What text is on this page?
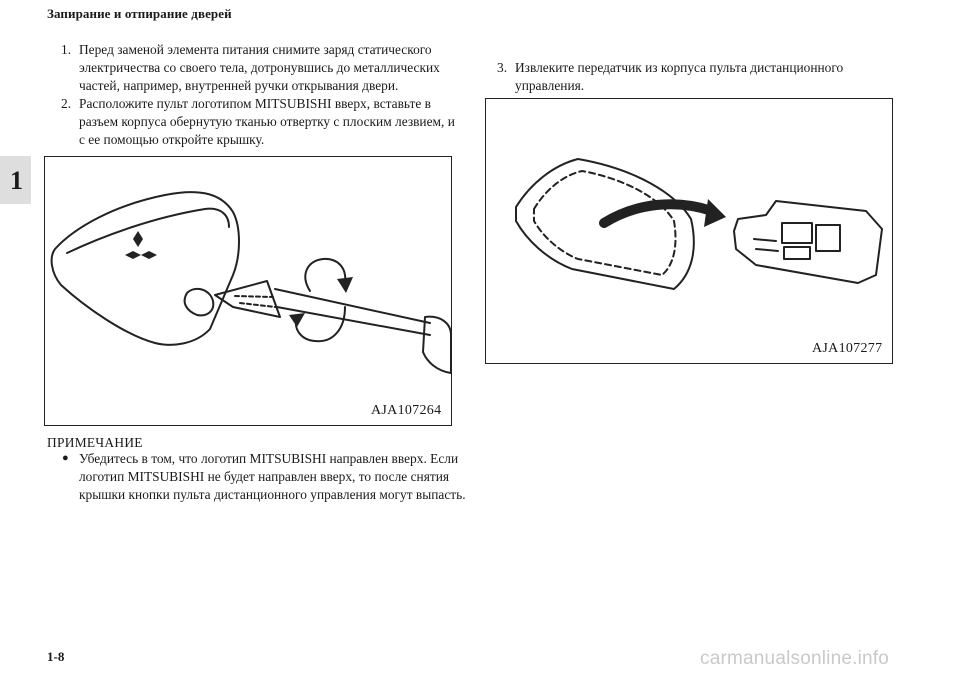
Запирание и отпирание дверей
1
1. Перед заменой элемента питания снимите заряд статического электричества со своего тела, дотронувшись до металлических частей, например, внутренней ручки открывания двери.
2. Расположите пульт логотипом MITSUBISHI вверх, вставьте в разъем корпуса обернутую тканью отвертку с плоским лезвием, и с ее помощью откройте крышку.
AJA107264
ПРИМЕЧАНИЕ
● Убедитесь в том, что логотип MITSUBISHI направлен вверх. Если логотип MITSUBISHI не будет направлен вверх, то после снятия крышки кнопки пульта дистанционного управления могут выпасть.
3. Извлеките передатчик из корпуса пульта дистанционного управления.
AJA107277
1-8	carmanualsonline.info
